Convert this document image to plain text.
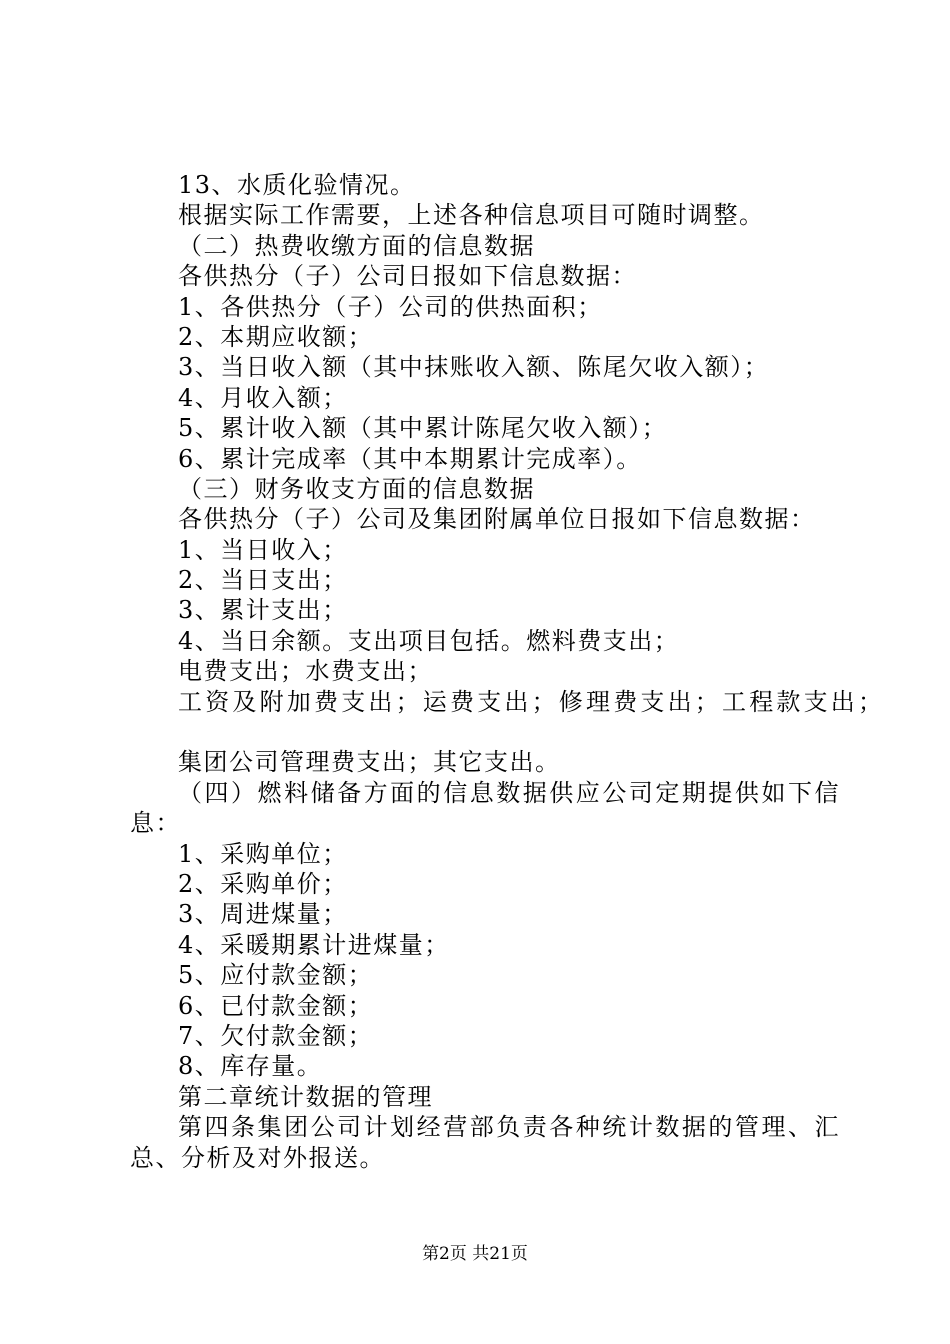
13、水质化验情况。
根据实际工作需要，上述各种信息项目可随时调整。
（二）热费收缴方面的信息数据
各供热分（子）公司日报如下信息数据：
1、各供热分（子）公司的供热面积；
2、本期应收额；
3、当日收入额（其中抹账收入额、陈尾欠收入额）；
4、月收入额；
5、累计收入额（其中累计陈尾欠收入额）；
6、累计完成率（其中本期累计完成率）。
（三）财务收支方面的信息数据
各供热分（子）公司及集团附属单位日报如下信息数据：
1、当日收入；
2、当日支出；
3、累计支出；
4、当日余额。支出项目包括。燃料费支出；
电费支出；水费支出；
工资及附加费支出；运费支出；修理费支出；工程款支出；
集团公司管理费支出；其它支出。
（四）燃料储备方面的信息数据供应公司定期提供如下信息：
1、采购单位；
2、采购单价；
3、周进煤量；
4、采暖期累计进煤量；
5、应付款金额；
6、已付款金额；
7、欠付款金额；
8、库存量。
第二章统计数据的管理
第四条集团公司计划经营部负责各种统计数据的管理、汇总、分析及对外报送。
第2页 共21页
